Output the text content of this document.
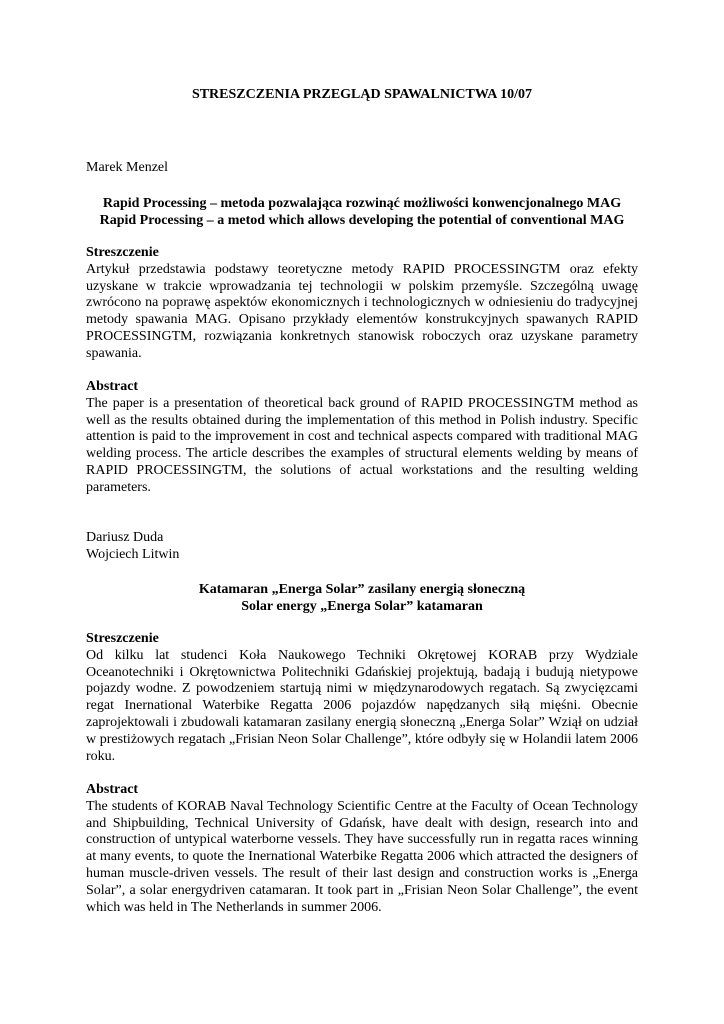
STRESZCZENIA PRZEGLĄD SPAWALNICTWA 10/07
Marek Menzel
Rapid Processing – metoda pozwalająca rozwinąć możliwości konwencjonalnego MAG
Rapid Processing – a metod which allows developing the potential of conventional MAG

Streszczenie

Artykuł przedstawia podstawy teoretyczne metody RAPID PROCESSINGTM oraz efekty uzyskane w trakcie wprowadzania tej technologii w polskim przemyśle. Szczególną uwagę zwrócono na poprawę aspektów ekonomicznych i technologicznych w odniesieniu do tradycyjnej metody spawania MAG. Opisano przykłady elementów konstrukcyjnych spawanych RAPID PROCESSINGTM, rozwiązania konkretnych stanowisk roboczych oraz uzyskane parametry spawania.

Abstract

The paper is a presentation of theoretical back ground of RAPID PROCESSINGTM method as well as the results obtained during the implementation of this method in Polish industry. Specific attention is paid to the improvement in cost and technical aspects compared with traditional MAG welding process. The article describes the examples of structural elements welding by means of RAPID PROCESSINGTM, the solutions of actual workstations and the resulting welding parameters.

Dariusz Duda
Wojciech Litwin
Katamaran „Energa Solar” zasilany energią słoneczną
Solar energy „Energa Solar” katamaran

Streszczenie

Od kilku lat studenci Koła Naukowego Techniki Okrętowej KORAB przy Wydziale Oceanotechniki i Okrętownictwa Politechniki Gdańskiej projektują, badają i budują nietypowe pojazdy wodne. Z powodzeniem startują nimi w międzynarodowych regatach. Są zwycięzcami regat Inernational Waterbike Regatta 2006 pojazdów napędzanych siłą mięśni. Obecnie zaprojektowali i zbudowali katamaran zasilany energią słoneczną „Energa Solar” Wziął on udział w prestiżowych regatach „Frisian Neon Solar Challenge”, które odbyły się w Holandii latem 2006 roku.

Abstract

The students of KORAB Naval Technology Scientific Centre at the Faculty of Ocean Technology and Shipbuilding, Technical University of Gdańsk, have dealt with design, research into and construction of untypical waterborne vessels. They have successfully run in regatta races winning at many events, to quote the Inernational Waterbike Regatta 2006 which attracted the designers of human muscle-driven vessels. The result of their last design and construction works is „Energa Solar”, a solar energydriven catamaran. It took part in „Frisian Neon Solar Challenge”, the event which was held in The Netherlands in summer 2006.
